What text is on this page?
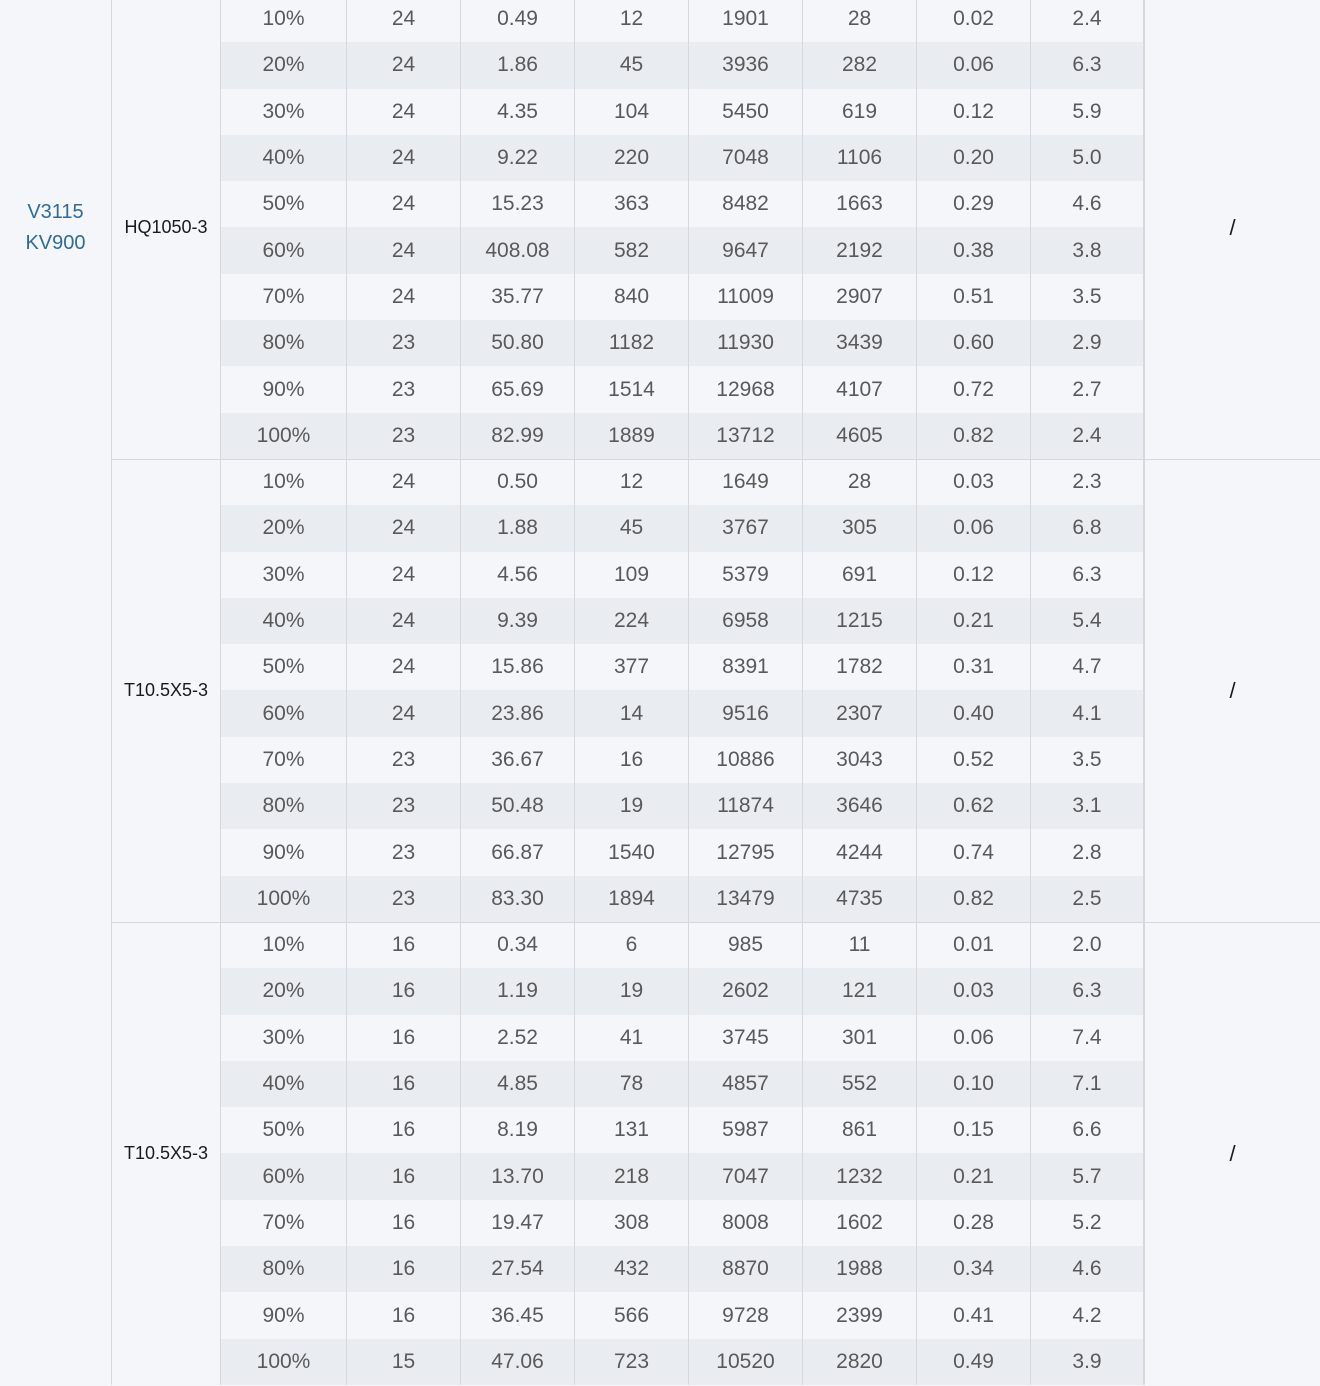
V3115
KV900
HQ1050-3
10%	24	0.49	12	1901	28	0.02	2.4
20%	24	1.86	45	3936	282	0.06	6.3
30%	24	4.35	104	5450	619	0.12	5.9
40%	24	9.22	220	7048	1106	0.20	5.0
50%	24	15.23	363	8482	1663	0.29	4.6
60%	24	408.08	582	9647	2192	0.38	3.8
70%	24	35.77	840	11009	2907	0.51	3.5
80%	23	50.80	1182	11930	3439	0.60	2.9
90%	23	65.69	1514	12968	4107	0.72	2.7
100%	23	82.99	1889	13712	4605	0.82	2.4
/
T10.5X5-3
10%	24	0.50	12	1649	28	0.03	2.3
20%	24	1.88	45	3767	305	0.06	6.8
30%	24	4.56	109	5379	691	0.12	6.3
40%	24	9.39	224	6958	1215	0.21	5.4
50%	24	15.86	377	8391	1782	0.31	4.7
60%	24	23.86	14	9516	2307	0.40	4.1
70%	23	36.67	16	10886	3043	0.52	3.5
80%	23	50.48	19	11874	3646	0.62	3.1
90%	23	66.87	1540	12795	4244	0.74	2.8
100%	23	83.30	1894	13479	4735	0.82	2.5
/
T10.5X5-3
10%	16	0.34	6	985	11	0.01	2.0
20%	16	1.19	19	2602	121	0.03	6.3
30%	16	2.52	41	3745	301	0.06	7.4
40%	16	4.85	78	4857	552	0.10	7.1
50%	16	8.19	131	5987	861	0.15	6.6
60%	16	13.70	218	7047	1232	0.21	5.7
70%	16	19.47	308	8008	1602	0.28	5.2
80%	16	27.54	432	8870	1988	0.34	4.6
90%	16	36.45	566	9728	2399	0.41	4.2
100%	15	47.06	723	10520	2820	0.49	3.9
/
